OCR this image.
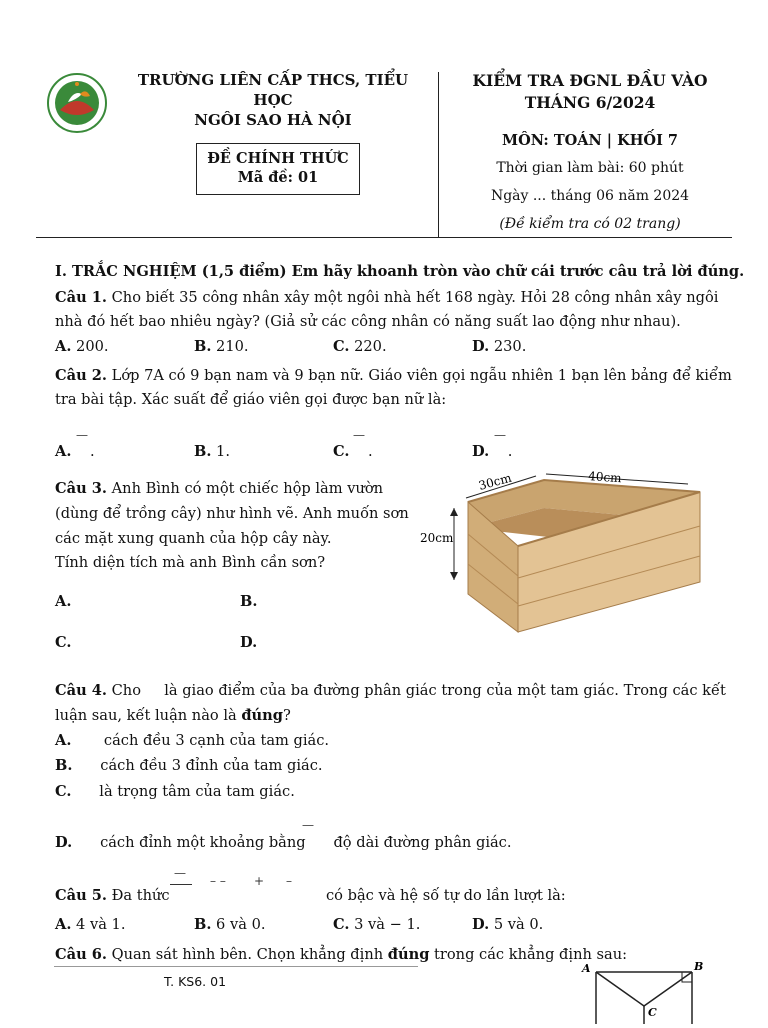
TRƯỜNG LIÊN CẤP THCS, TIỂU HỌC
NGÔI SAO HÀ NỘI
ĐỀ CHÍNH THỨC
Mã đề: 01
KIỂM TRA ĐGNL ĐẦU VÀO
THÁNG 6/2024
MÔN: TOÁN | KHỐI 7
Thời gian làm bài: 60 phút
Ngày ... tháng 06 năm 2024
(Đề kiểm tra có 02 trang)
I. TRẮC NGHIỆM (1,5 điểm) Em hãy khoanh tròn vào chữ cái trước câu trả lời đúng.
Câu 1. Cho biết 35 công nhân xây một ngôi nhà hết 168 ngày. Hỏi 28 công nhân xây ngôi
nhà đó hết bao nhiêu ngày? (Giả sử các công nhân có năng suất lao động như nhau).
A. 200.	B. 210.	C. 220.	D. 230.
Câu 2. Lớp 7A có 9 bạn nam và 9 bạn nữ. Giáo viên gọi ngẫu nhiên 1 bạn lên bảng để kiểm
tra bài tập. Xác suất để giáo viên gọi được bạn nữ là:
—	—	—
A.    .	B. 1.	C.    .	D.    .
Câu 3. Anh Bình có một chiếc hộp làm vườn
(dùng để trồng cây) như hình vẽ. Anh muốn sơn
các mặt xung quanh của hộp cây này.
Tính diện tích mà anh Bình cần sơn?
A.	B.
C.	D.
30cm	40cm
20cm
Câu 4. Cho là giao điểm của ba đường phân giác trong của một tam giác. Trong các kết
luận sau, kết luận nào là đúng?
A. cách đều 3 cạnh của tam giác.
B. cách đều 3 đỉnh của tam giác.
C. là trọng tâm của tam giác.
—
D. cách đỉnh một khoảng bằng độ dài đường phân giác.
—
– – + –
Câu 5. Đa thức	có bậc và hệ số tự do lần lượt là:
A. 4 và 1.	B. 6 và 0.	C. 3 và − 1.	D. 5 và 0.
Câu 6. Quan sát hình bên. Chọn khẳng định đúng trong các khẳng định sau:
T. KS6. 01
A	B
C
